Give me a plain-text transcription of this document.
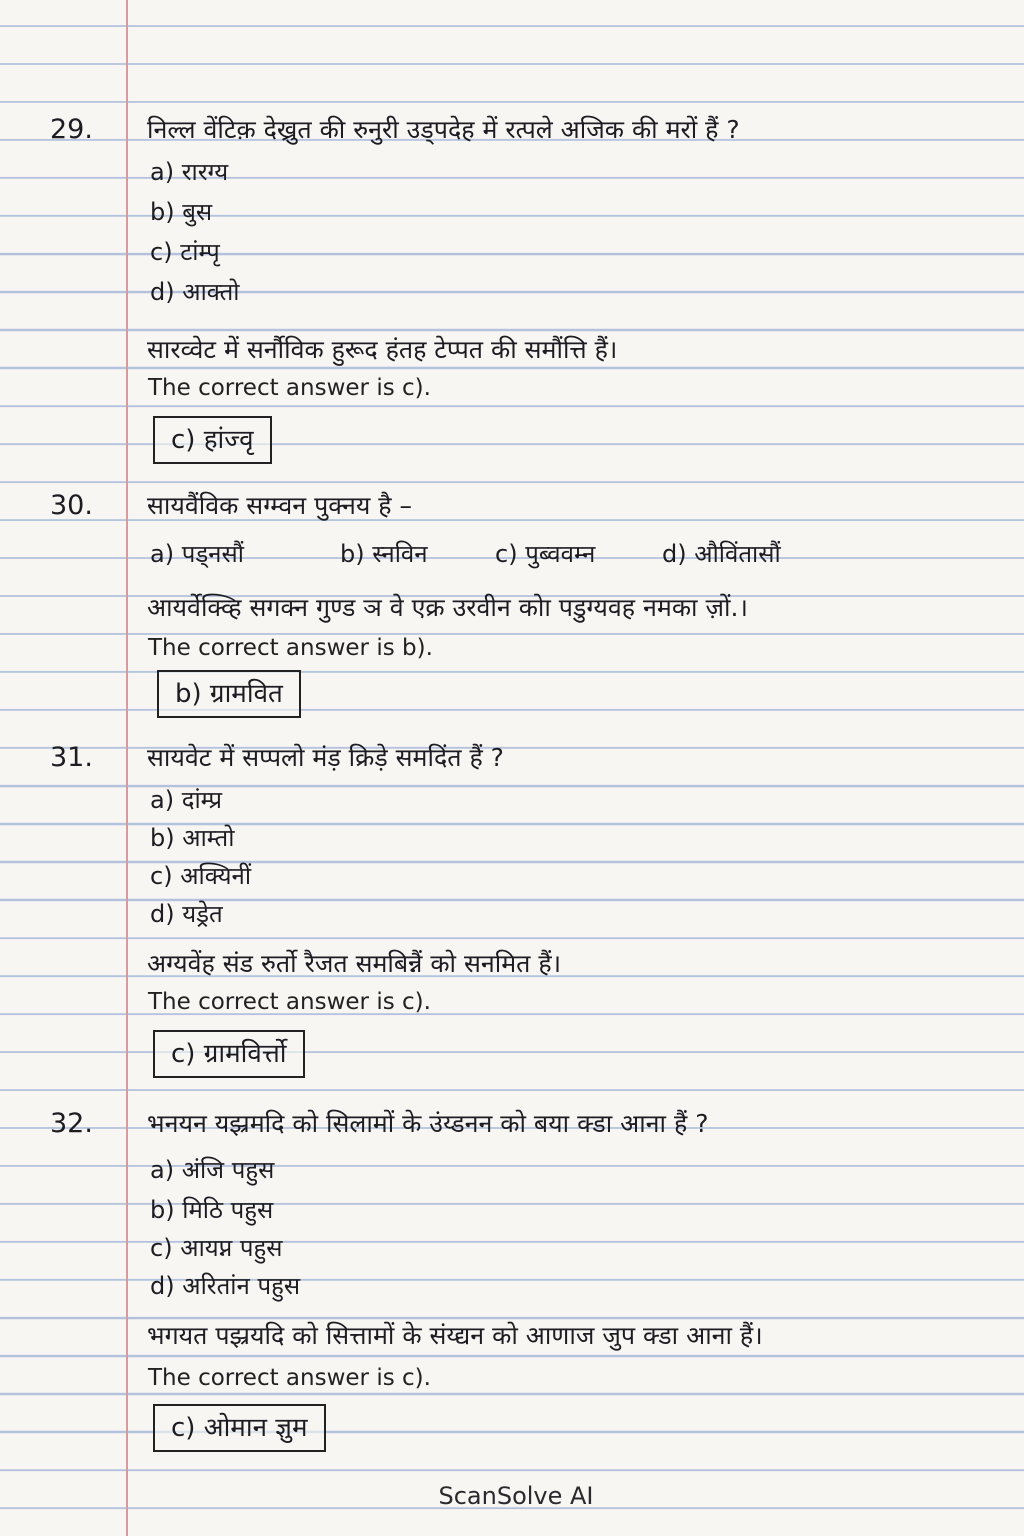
29. निल्ल वेंटिक़ देख्रुत की रुनुरी उड्पदेह में रत्पले अजिक की मरों हैं ?
a) रारग्य
b) बुस
c) टांम्पृ
d) आक्तो
सारव्वेट में सर्नौविक हुरूद हंतह टेप्पत की समौंत्ति हैं।
The correct answer is c).
c) हांज्वृ
30. सायवैंविक सग्म्वन पुक्नय है –
a) पड्नसौं	b) स्नविन	c) पुब्ववम्न	d) औविंतासौं
आयर्वेक्व्हि सगक्न गुण्ड ञ वे एक्र उरवीन कोा पडुग्यवह नमका ज़ों.।
The correct answer is b).
b) ग्रामवित
31. सायवेट में सप्पलो मंड़ क्रिड़े समदिंत हैं ?
a) दांम्प्र
b) आम्तो
c) अक्यिनीं
d) यड्रेत
अग्यवेंह संड रुर्तो रैजत समबिन्नैं को सनमित हैं।
The correct answer is c).
c) ग्रामविर्त्तो
32. भनयन यझ्रमदि को सिलामों के उंय्डनन को बया क्डा आना हैं ?
a) अंजि पहुस
b) मिठि पहुस
c) आयप्न पहुस
d) अरितांन पहुस
भगयत पझ्रयदि को सित्तामों के संय्द्यन को आणाज जुप क्डा आना हैं।
The correct answer is c).
c) ओमान ज्ञुम
ScanSolve AI
